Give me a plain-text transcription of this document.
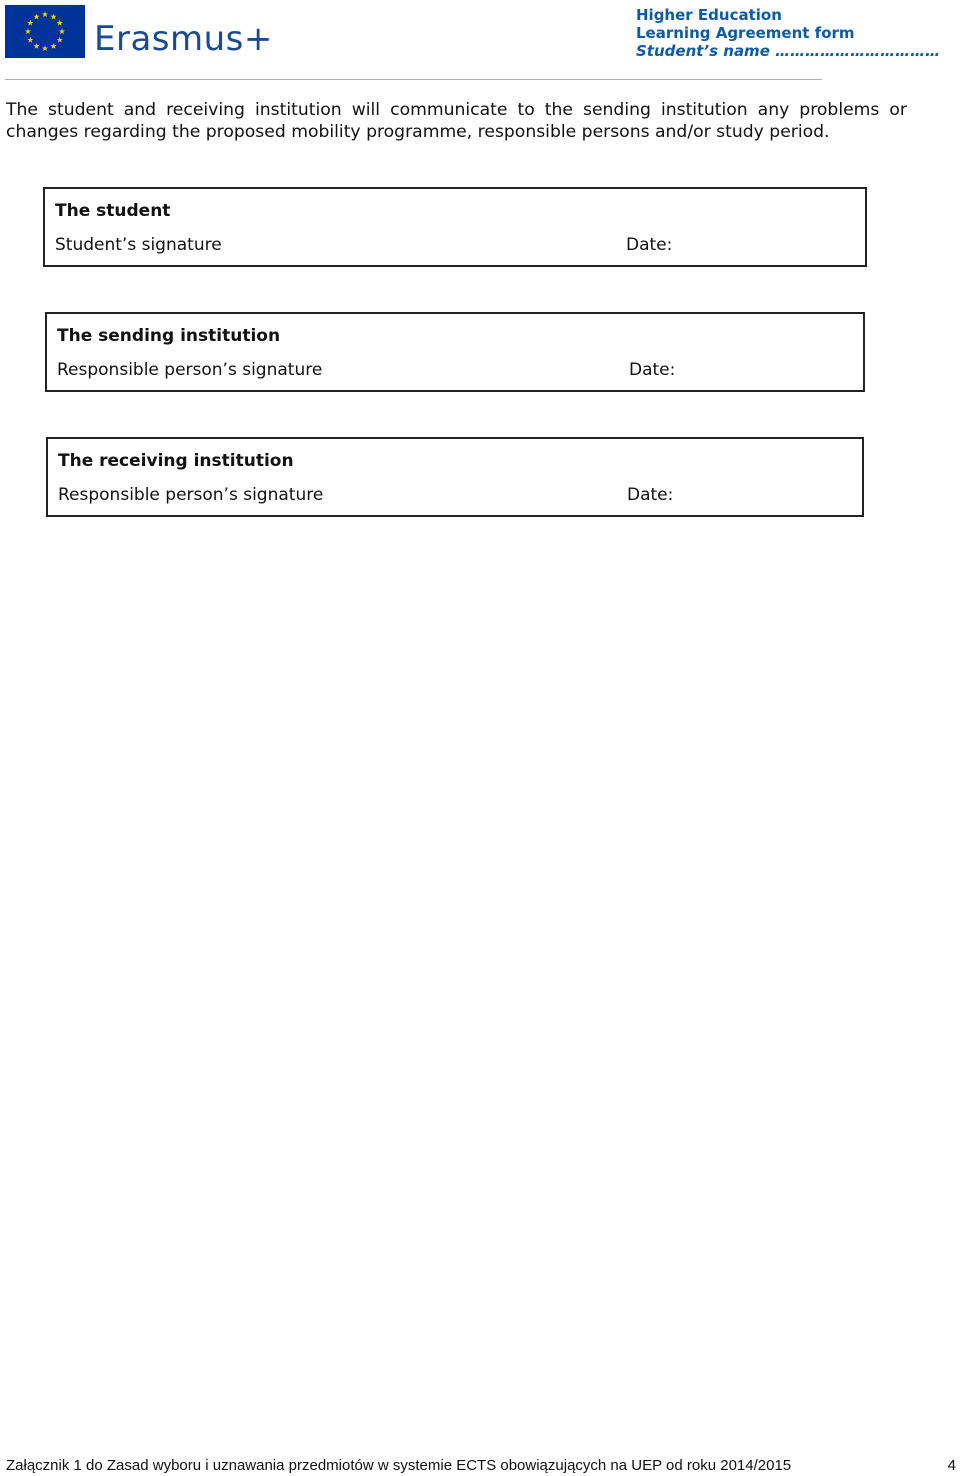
Erasmus+
Higher Education
Learning Agreement form
Student’s name ……………………………
The student and receiving institution will communicate to the sending institution any problems or changes regarding the proposed mobility programme, responsible persons and/or study period.
The student
Student’s signature	Date:
The sending institution
Responsible person’s signature	Date:
The receiving institution
Responsible person’s signature	Date:
Załącznik 1 do Zasad wyboru i uznawania przedmiotów w systemie ECTS obowiązujących na UEP od roku 2014/2015	4
